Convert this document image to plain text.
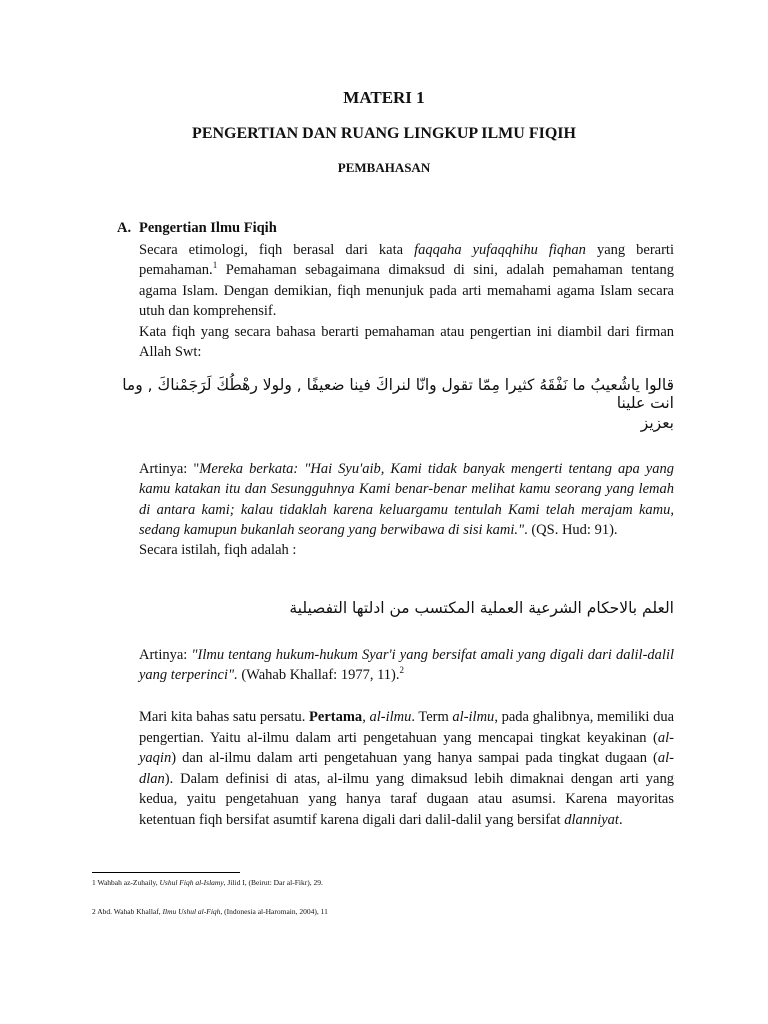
MATERI 1
PENGERTIAN DAN RUANG LINGKUP ILMU FIQIH
PEMBAHASAN
A. Pengertian Ilmu Fiqih

Secara etimologi, fiqh berasal dari kata faqqaha yufaqqhihu fiqhan yang berarti pemahaman.$^1$ Pemahaman sebagaimana dimaksud di sini, adalah pemahaman tentang agama Islam. Dengan demikian, fiqh menunjuk pada arti memahami agama Islam secara utuh dan komprehensif.

Kata fiqh yang secara bahasa berarti pemahaman atau pengertian ini diambil dari firman Allah Swt:

قالوا ياشُعيبُ ما نَفْقَهُ كثيرا مِمّا تقول وانّا لنراكَ فينا ضعيفًا , ولولا رهْطُكَ لَرَجَمْناكَ , وما انت علينا

بعزيز

Artinya: "Mereka berkata: "Hai Syu'aib, Kami tidak banyak mengerti tentang apa yang kamu katakan itu dan Sesungguhnya Kami benar-benar melihat kamu seorang yang lemah di antara kami; kalau tidaklah karena keluargamu tentulah Kami telah merajam kamu, sedang kamupun bukanlah seorang yang berwibawa di sisi kami.". (QS. Hud: 91).
Secara istilah, fiqh adalah :

العلم بالاحكام الشرعية العملية المكتسب من ادلتها التفصيلية

Artinya: "Ilmu tentang hukum-hukum Syar'i yang bersifat amali yang digali dari dalil-dalil yang terperinci". (Wahab Khallaf: 1977, 11).$^2$

Mari kita bahas satu persatu. Pertama, al-ilmu. Term al-ilmu, pada ghalibnya, memiliki dua pengertian. Yaitu al-ilmu dalam arti pengetahuan yang mencapai tingkat keyakinan (al-yaqin) dan al-ilmu dalam arti pengetahuan yang hanya sampai pada tingkat dugaan (al-dlan). Dalam definisi di atas, al-ilmu yang dimaksud lebih dimaknai dengan arti yang kedua, yaitu pengetahuan yang hanya taraf dugaan atau asumsi. Karena mayoritas ketentuan fiqh bersifat asumtif karena digali dari dalil-dalil yang bersifat dlanniyat.

1 Wahbah az-Zuhaily, Ushul Fiqh al-Islamy, Jilid I, (Beirut: Dar al-Fikr), 29.
2 Abd. Wahab Khallaf, Ilmu Ushul al-Fiqh, (Indonesia al-Haromain, 2004), 11
